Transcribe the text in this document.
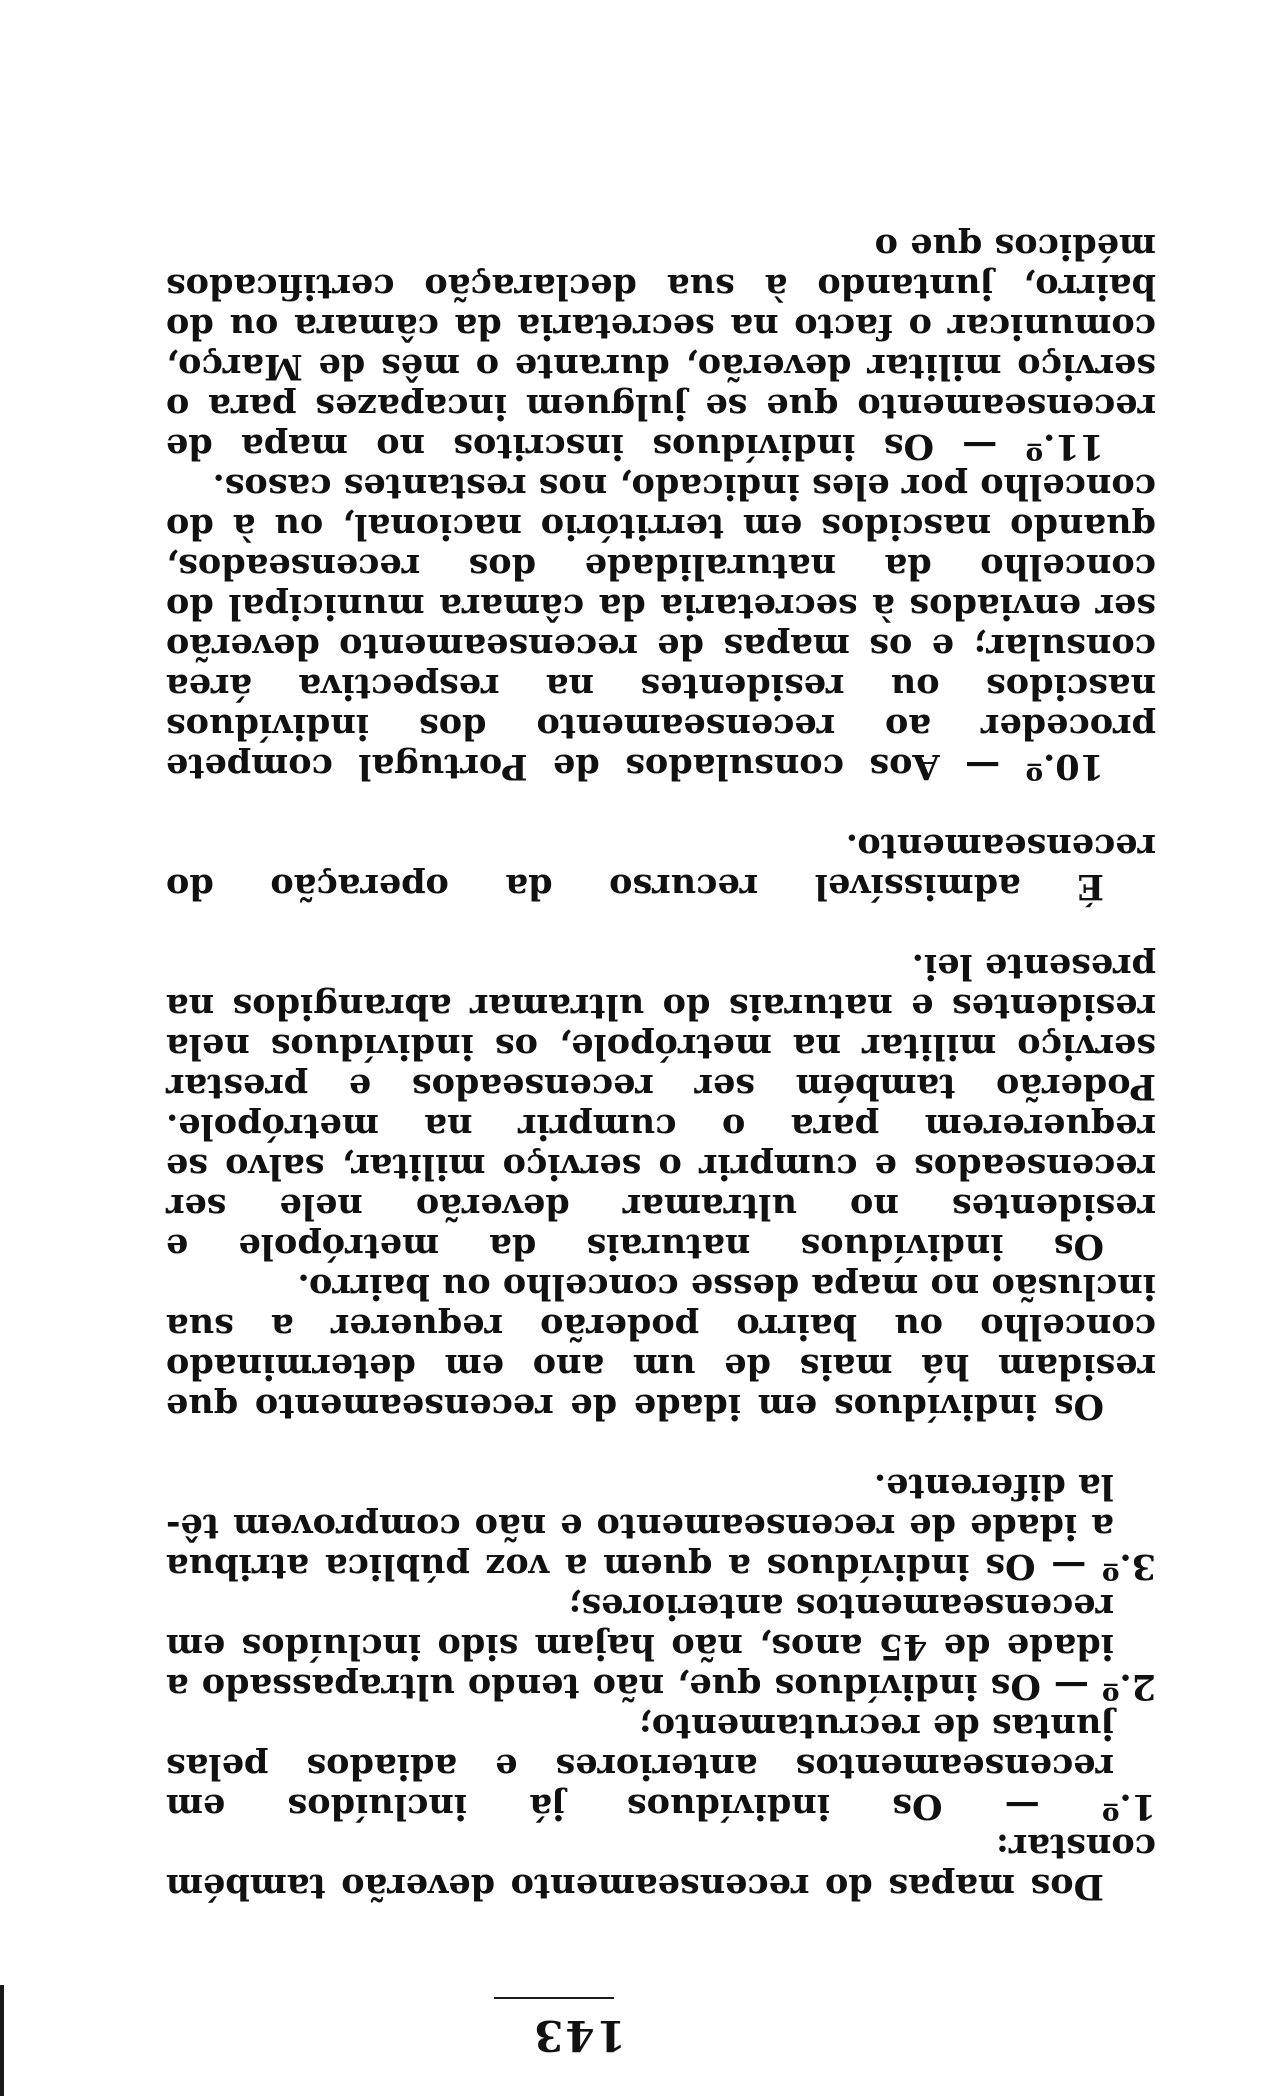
143

Dos mapas do recenseamento deverão também constar:

1.º — Os indivíduos já incluídos em recenseamentos anteriores e adiados pelas juntas de recrutamento;

2.º — Os indivíduos que, não tendo ultrapassado a idade de 45 anos, não hajam sido incluídos em recenseamentos anteriores;

3.º — Os indivíduos a quem a voz pública atribua a idade de recenseamento e não comprovem tê-la diferente.

Os indivíduos em idade de recenseamento que residam há mais de um ano em determinado concelho ou bairro poderão requerer a sua inclusão no mapa desse concelho ou bairro.

Os indivíduos naturais da metrópole e residentes no ultramar deverão nele ser recenseados e cumprir o serviço militar, salvo se requererem para o cumprir na metrópole. Poderão também ser recenseados e prestar serviço militar na metrópole, os indivíduos nela residentes e naturais do ultramar abrangidos na presente lei.

É admissível recurso da operação do recenseamento.

10.º — Aos consulados de Portugal compete proceder ao recenseamento dos indivíduos nascidos ou residentes na respectiva área consular; e os mapas de recenseamento deverão ser enviados à secretaria da câmara municipal do concelho da naturalidade dos recenseados, quando nascidos em território nacional, ou à do concelho por eles indicado, nos restantes casos.

11.º — Os indivíduos inscritos no mapa de recenseamento que se julguem incapazes para o serviço militar deverão, durante o mês de Março, comunicar o facto na secretaria da câmara ou do bairro, juntando à sua declaração certificados médicos que o
